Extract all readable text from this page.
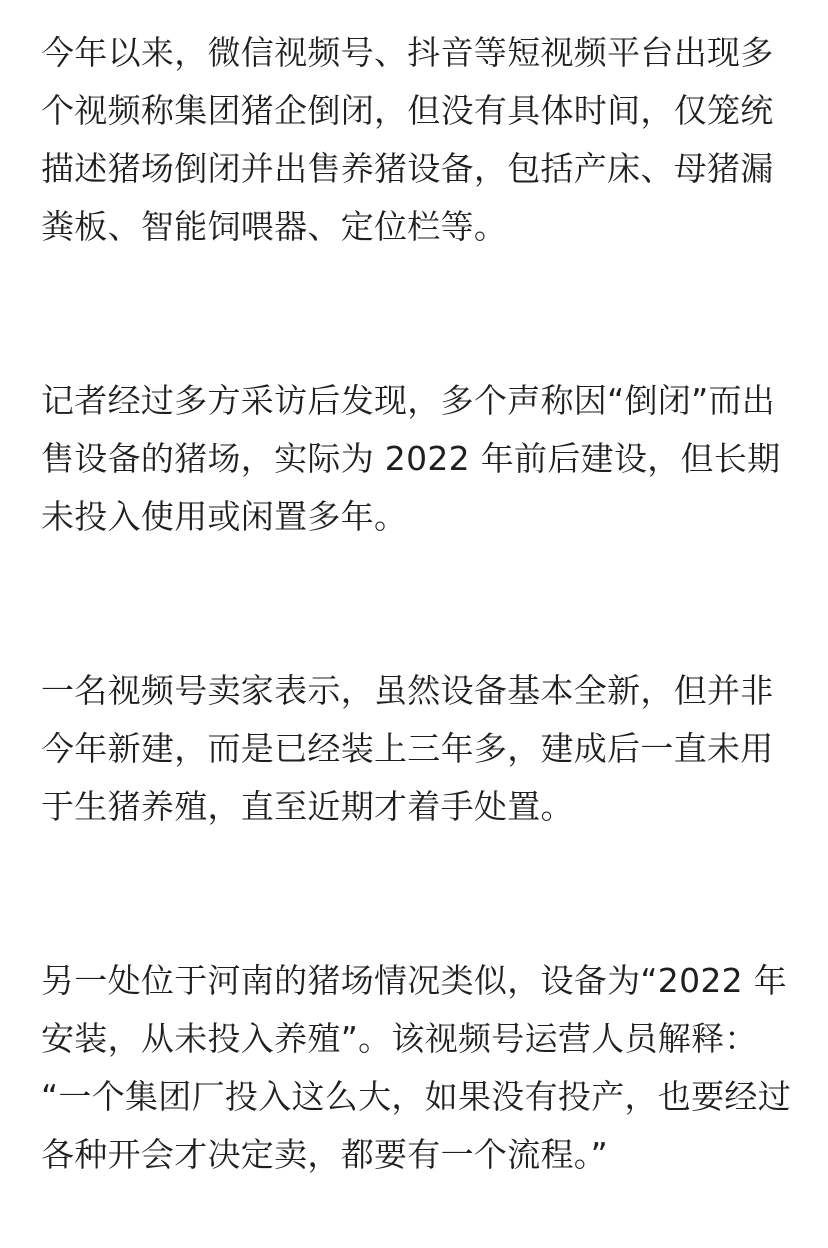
今年以来，微信视频号、抖音等短视频平台出现多
个视频称集团猪企倒闭，但没有具体时间，仅笼统
描述猪场倒闭并出售养猪设备，包括产床、母猪漏
粪板、智能饲喂器、定位栏等。

记者经过多方采访后发现，多个声称因“倒闭”而出
售设备的猪场，实际为 2022 年前后建设，但长期
未投入使用或闲置多年。

一名视频号卖家表示，虽然设备基本全新，但并非
今年新建，而是已经装上三年多，建成后一直未用
于生猪养殖，直至近期才着手处置。

另一处位于河南的猪场情况类似，设备为“2022 年
安装，从未投入养殖”。该视频号运营人员解释：
“一个集团厂投入这么大，如果没有投产，也要经过
各种开会才决定卖，都要有一个流程。”
